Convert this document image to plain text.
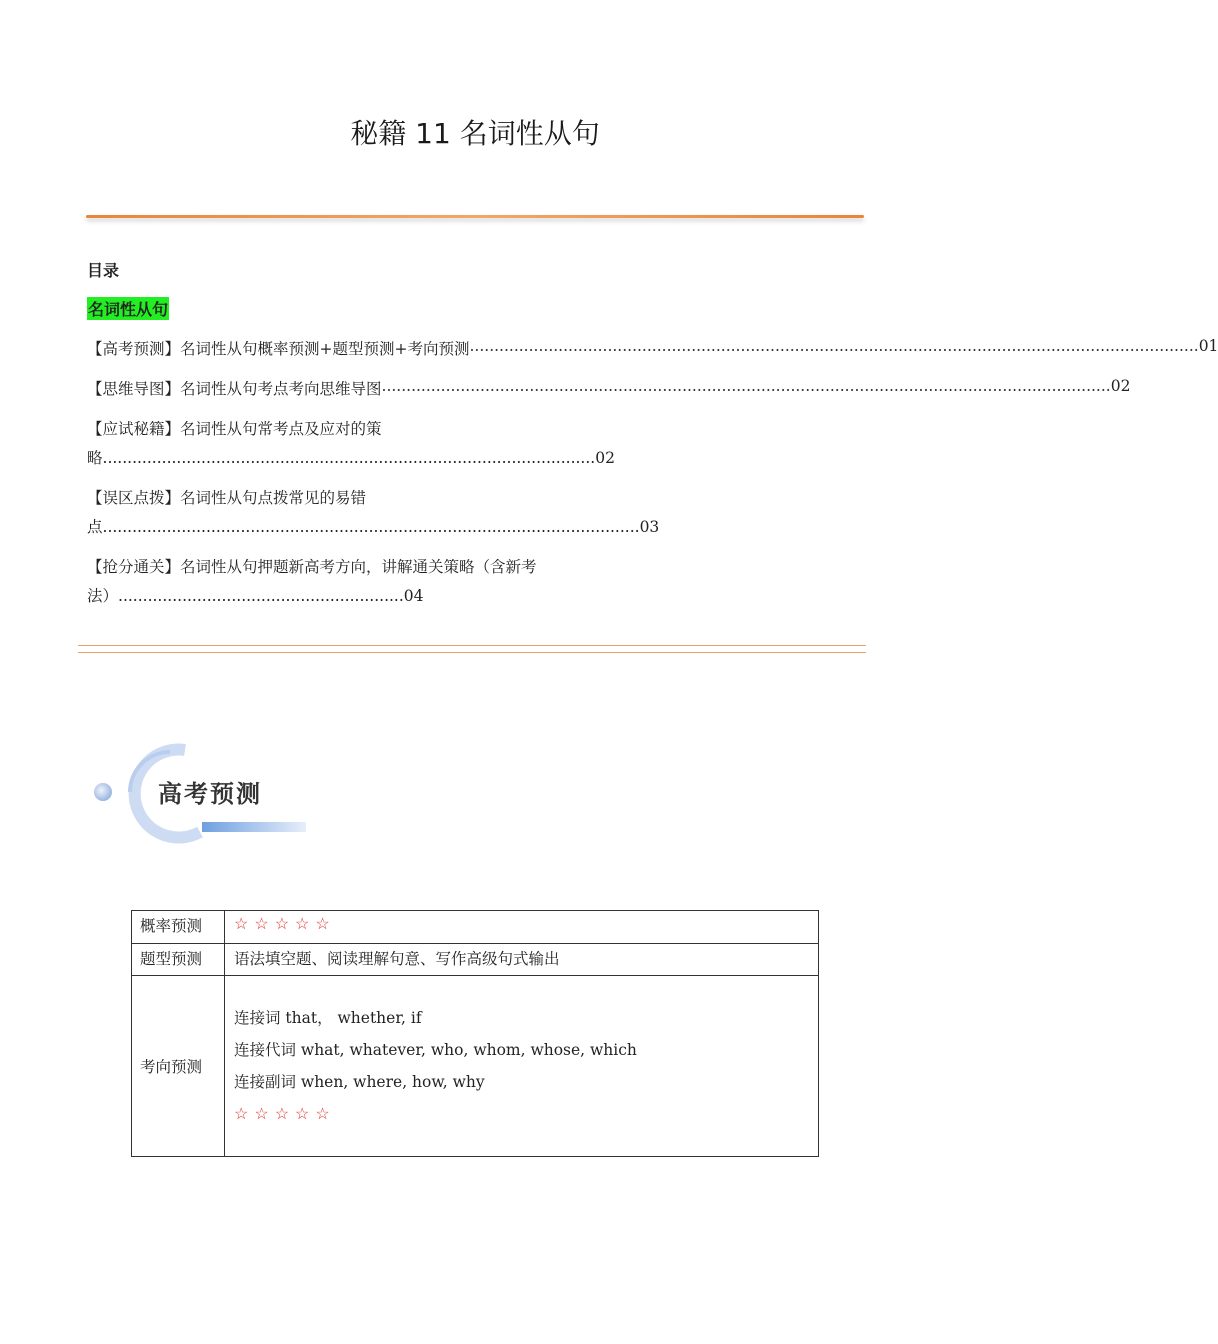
秘籍 11 名词性从句
目录
名词性从句
【高考预测】名词性从句概率预测+题型预测+考向预测 .................................................................................................................................................... 01
【思维导图】名词性从句考点考向思维导图 .................................................................................................................................................... 02
【应试秘籍】名词性从句常考点及应对的策
略....................................................................................................02
【误区点拨】名词性从句点拨常见的易错
点.............................................................................................................03
【抢分通关】名词性从句押题新高考方向，讲解通关策略（含新考
法）..........................................................04
高考预测
概率预测	☆☆☆☆☆
题型预测	语法填空题、阅读理解句意、写作高级句式输出
考向预测	连接词 that， whether, if
连接代词 what, whatever, who, whom, whose, which
连接副词 when, where, how, why
☆☆☆☆☆
